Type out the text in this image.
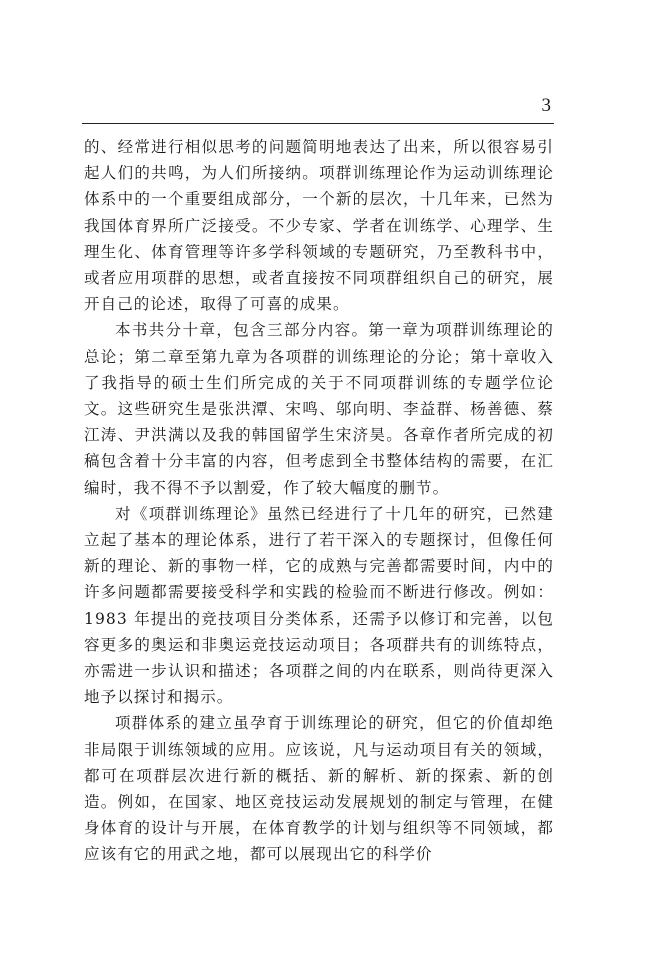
3

的、经常进行相似思考的问题简明地表达了出来，所以很容易引起人们的共鸣，为人们所接纳。项群训练理论作为运动训练理论体系中的一个重要组成部分，一个新的层次，十几年来，已然为我国体育界所广泛接受。不少专家、学者在训练学、心理学、生理生化、体育管理等许多学科领域的专题研究，乃至教科书中，或者应用项群的思想，或者直接按不同项群组织自己的研究，展开自己的论述，取得了可喜的成果。

本书共分十章，包含三部分内容。第一章为项群训练理论的总论；第二章至第九章为各项群的训练理论的分论；第十章收入了我指导的硕士生们所完成的关于不同项群训练的专题学位论文。这些研究生是张洪潭、宋鸣、邬向明、李益群、杨善德、蔡江涛、尹洪满以及我的韩国留学生宋济昊。各章作者所完成的初稿包含着十分丰富的内容，但考虑到全书整体结构的需要，在汇编时，我不得不予以割爱，作了较大幅度的删节。

对《项群训练理论》虽然已经进行了十几年的研究，已然建立起了基本的理论体系，进行了若干深入的专题探讨，但像任何新的理论、新的事物一样，它的成熟与完善都需要时间，内中的许多问题都需要接受科学和实践的检验而不断进行修改。例如：1983 年提出的竞技项目分类体系，还需予以修订和完善，以包容更多的奥运和非奥运竞技运动项目；各项群共有的训练特点，亦需进一步认识和描述；各项群之间的内在联系，则尚待更深入地予以探讨和揭示。

项群体系的建立虽孕育于训练理论的研究，但它的价值却绝非局限于训练领域的应用。应该说，凡与运动项目有关的领域，都可在项群层次进行新的概括、新的解析、新的探索、新的创造。例如，在国家、地区竞技运动发展规划的制定与管理，在健身体育的设计与开展，在体育教学的计划与组织等不同领域，都应该有它的用武之地，都可以展现出它的科学价
